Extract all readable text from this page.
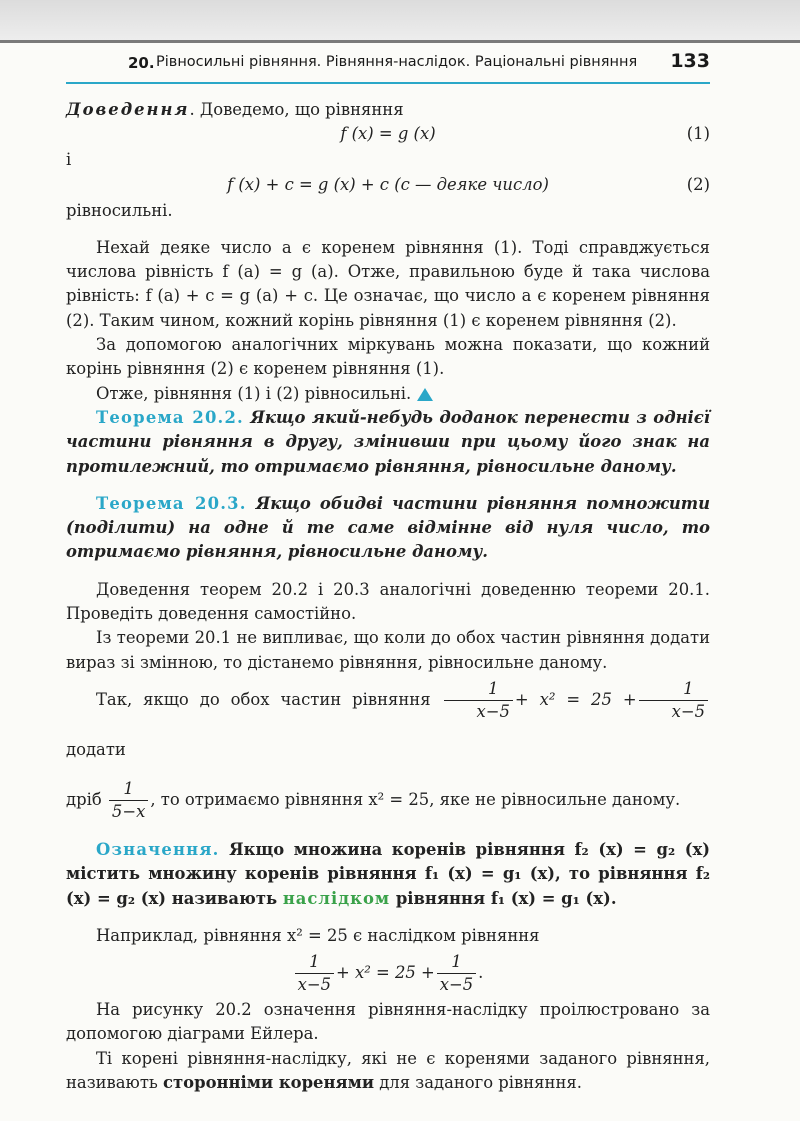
20. Рівносильні рівняння. Рівняння-наслідок. Раціональні рівняння 133

Доведення. Доведемо, що рівняння

f (x) = g (x)	(1)

і

f (x) + c = g (x) + c (c — деяке число)	(2)

рівносильні.

Нехай деяке число a є коренем рівняння (1). Тоді справджується числова рівність f (a) = g (a). Отже, правильною буде й така числова рівність: f (a) + c = g (a) + c. Це означає, що число a є коренем рівняння (2). Таким чином, кожний корінь рівняння (1) є коренем рівняння (2).

За допомогою аналогічних міркувань можна показати, що кожний корінь рівняння (2) є коренем рівняння (1).

Отже, рівняння (1) і (2) рівносильні.

Теорема 20.2. Якщо який-небудь доданок перенести з однієї частини рівняння в другу, змінивши при цьому його знак на протилежний, то отримаємо рівняння, рівносильне даному.

Теорема 20.3. Якщо обидві частини рівняння помножити (поділити) на одне й те саме відмінне від нуля число, то отримаємо рівняння, рівносильне даному.

Доведення теорем 20.2 і 20.3 аналогічні доведенню теореми 20.1. Проведіть доведення самостійно.

Із теореми 20.1 не випливає, що коли до обох частин рівняння додати вираз зі змінною, то дістанемо рівняння, рівносильне даному.

Так, якщо до обох частин рівняння $\frac{1}{x-5} + x^2 = 25 + \frac{1}{x-5}$
додати

дріб $\frac{1}{5-x}$ , то отримаємо рівняння x² = 25, яке не рівносильне даному.

Означення. Якщо множина коренів рівняння f₂ (x) = g₂ (x) містить множину коренів рівняння f₁ (x) = g₁ (x), то рівняння f₂ (x) = g₂ (x) називають наслідком рівняння f₁ (x) = g₁ (x).

Наприклад, рівняння x² = 25 є наслідком рівняння

$\frac{1}{x-5} + x^2 = 25 + \frac{1}{x-5}$ .

На рисунку 20.2 означення рівняння-наслідку проілюстровано за допомогою діаграми Ейлера.

Ті корені рівняння-наслідку, які не є коренями заданого рівняння, називають сторонніми коренями для заданого рівняння.
